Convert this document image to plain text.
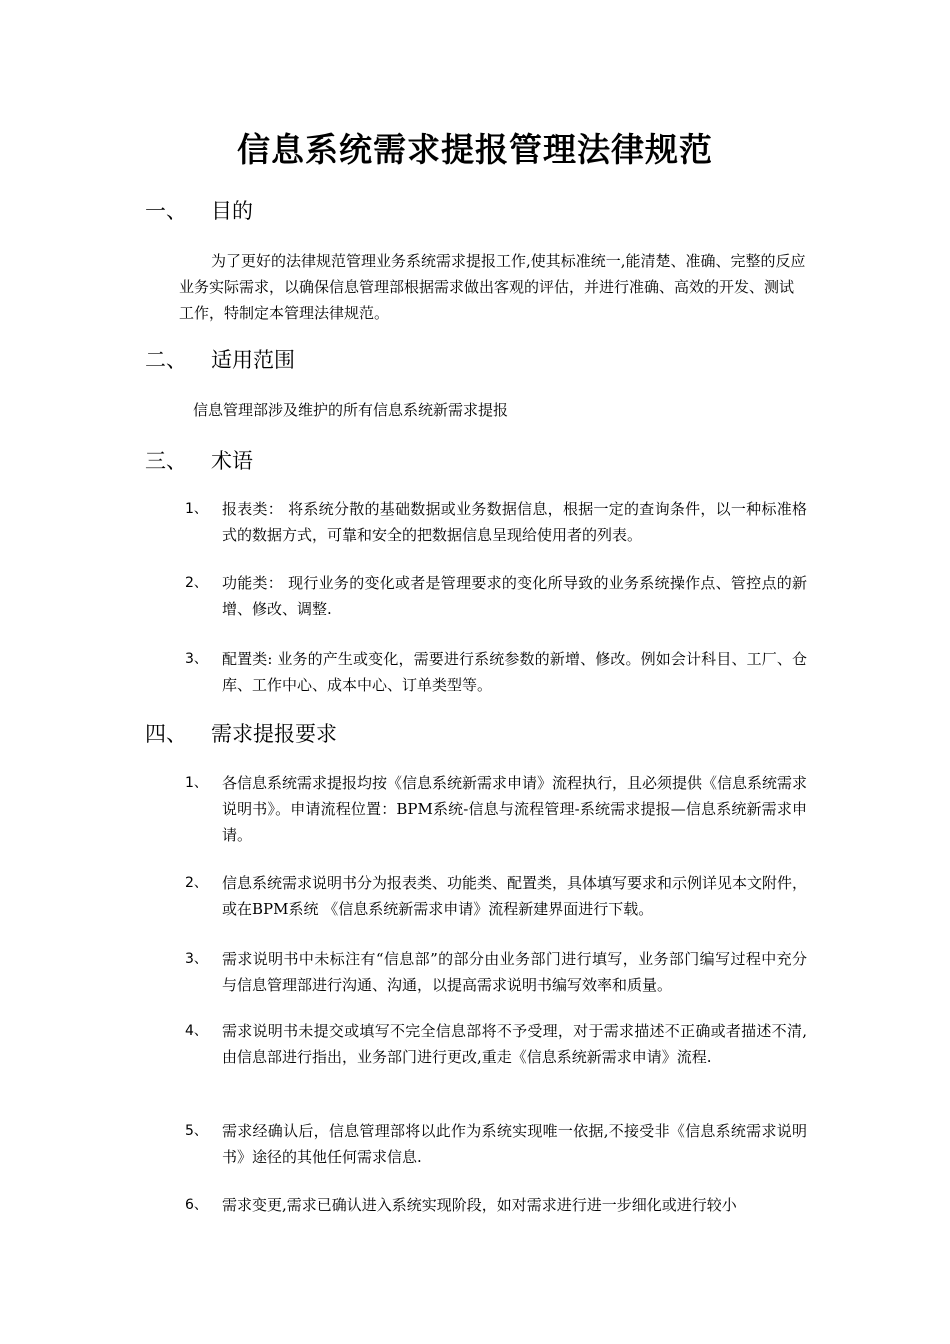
信息系统需求提报管理法律规范
一、 目的

为了更好的法律规范管理业务系统需求提报工作,使其标准统一,能清楚、准确、完整的反应业务实际需求，以确保信息管理部根据需求做出客观的评估，并进行准确、高效的开发、测试工作，特制定本管理法律规范。

二、 适用范围

信息管理部涉及维护的所有信息系统新需求提报

三、 术语
1、 报表类： 将系统分散的基础数据或业务数据信息，根据一定的查询条件，以一种标准格式的数据方式，可靠和安全的把数据信息呈现给使用者的列表。

2、 功能类： 现行业务的变化或者是管理要求的变化所导致的业务系统操作点、管控点的新增、修改、调整.

3、 配置类: 业务的产生或变化，需要进行系统参数的新增、修改。例如会计科目、工厂、仓库、工作中心、成本中心、订单类型等。

四、 需求提报要求
1、 各信息系统需求提报均按《信息系统新需求申请》流程执行，且必须提供《信息系统需求说明书》。申请流程位置：BPM系统-信息与流程管理-系统需求提报—信息系统新需求申请。

2、 信息系统需求说明书分为报表类、功能类、配置类，具体填写要求和示例详见本文附件，或在BPM系统 《信息系统新需求申请》流程新建界面进行下载。

3、 需求说明书中未标注有“信息部”的部分由业务部门进行填写，业务部门编写过程中充分与信息管理部进行沟通、沟通，以提高需求说明书编写效率和质量。

4、 需求说明书未提交或填写不完全信息部将不予受理，对于需求描述不正确或者描述不清,由信息部进行指出，业务部门进行更改,重走《信息系统新需求申请》流程.

5、 需求经确认后，信息管理部将以此作为系统实现唯一依据,不接受非《信息系统需求说明书》途径的其他任何需求信息.

6、 需求变更,需求已确认进入系统实现阶段，如对需求进行进一步细化或进行较小
